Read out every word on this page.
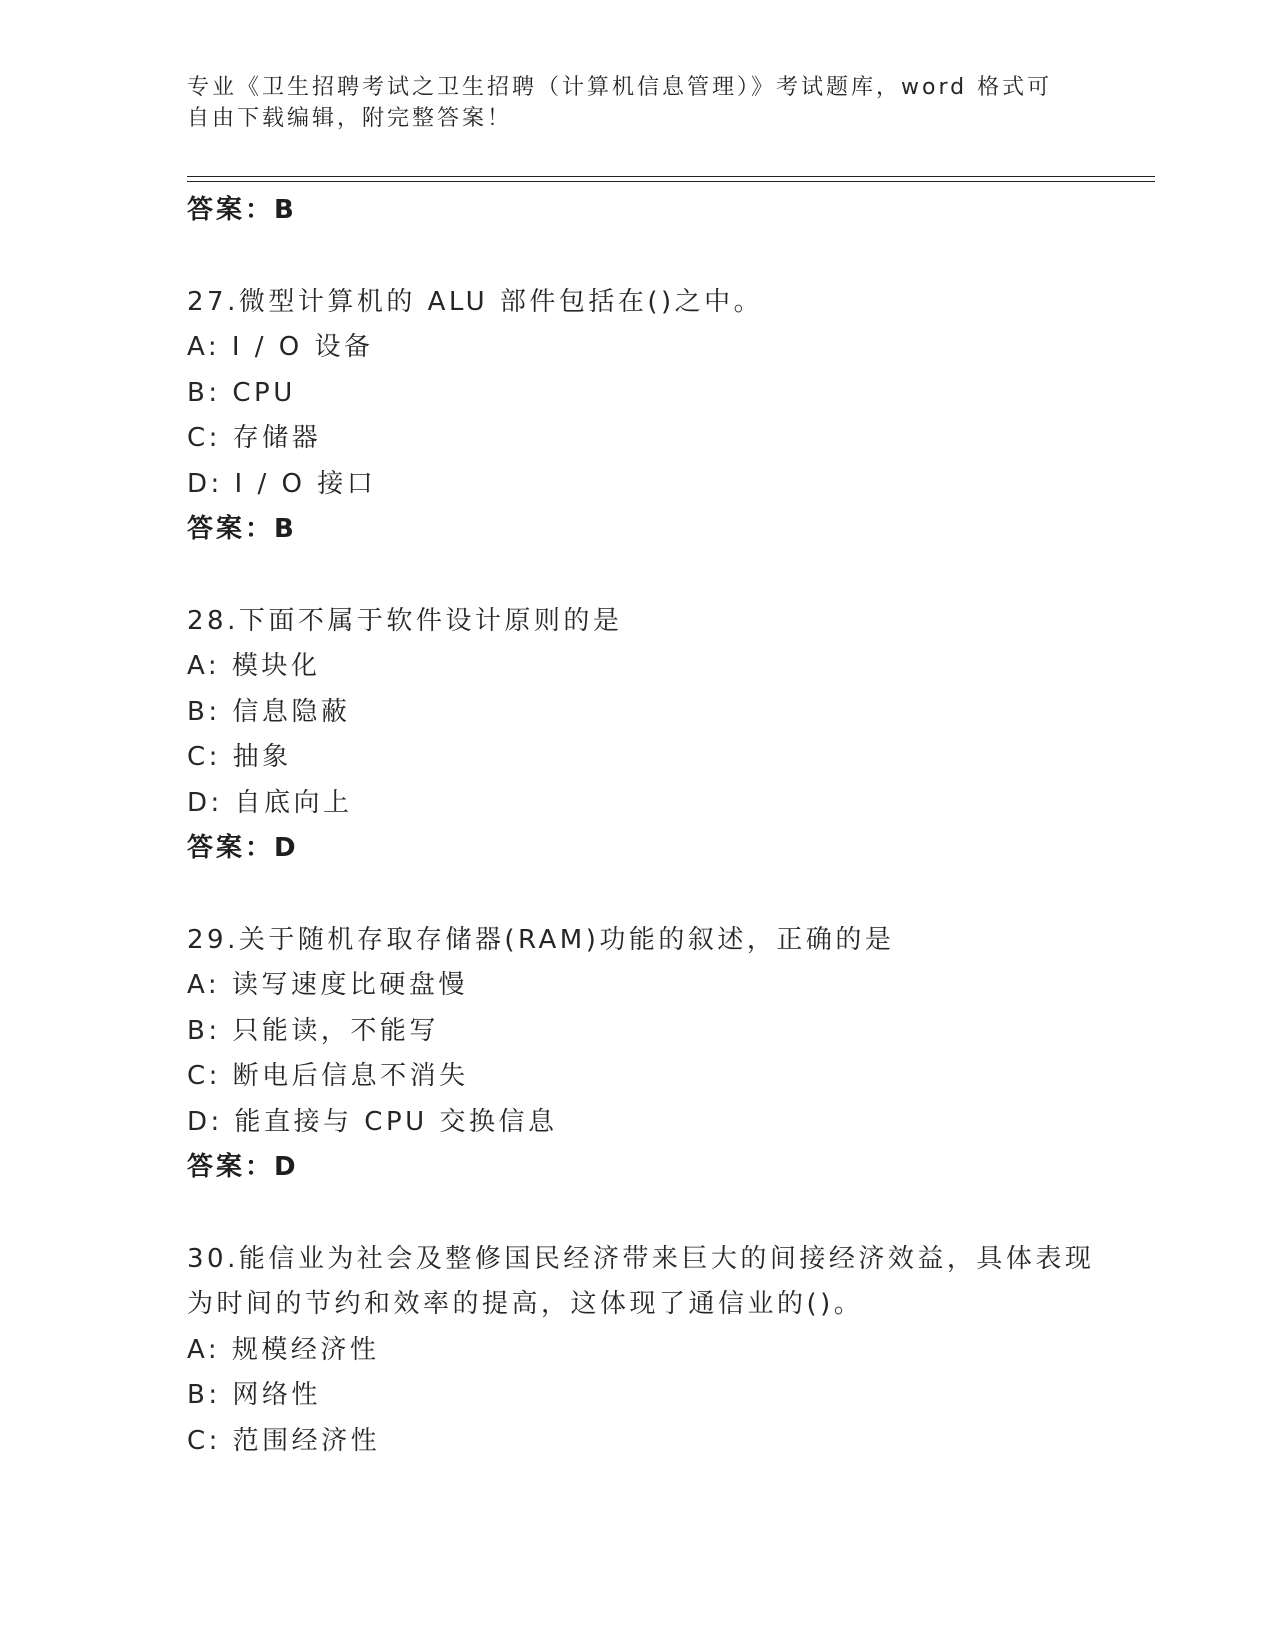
专业《卫生招聘考试之卫生招聘（计算机信息管理）》考试题库，word 格式可自由下载编辑，附完整答案！
答案：B
27.微型计算机的 ALU 部件包括在()之中。
A: I / O 设备
B: CPU
C: 存储器
D: I / O 接口
答案：B
28.下面不属于软件设计原则的是
A: 模块化
B: 信息隐蔽
C: 抽象
D: 自底向上
答案：D
29.关于随机存取存储器(RAM)功能的叙述，正确的是
A: 读写速度比硬盘慢
B: 只能读，不能写
C: 断电后信息不消失
D: 能直接与 CPU 交换信息
答案：D
30.能信业为社会及整修国民经济带来巨大的间接经济效益，具体表现
为时间的节约和效率的提高，这体现了通信业的()。
A: 规模经济性
B: 网络性
C: 范围经济性
